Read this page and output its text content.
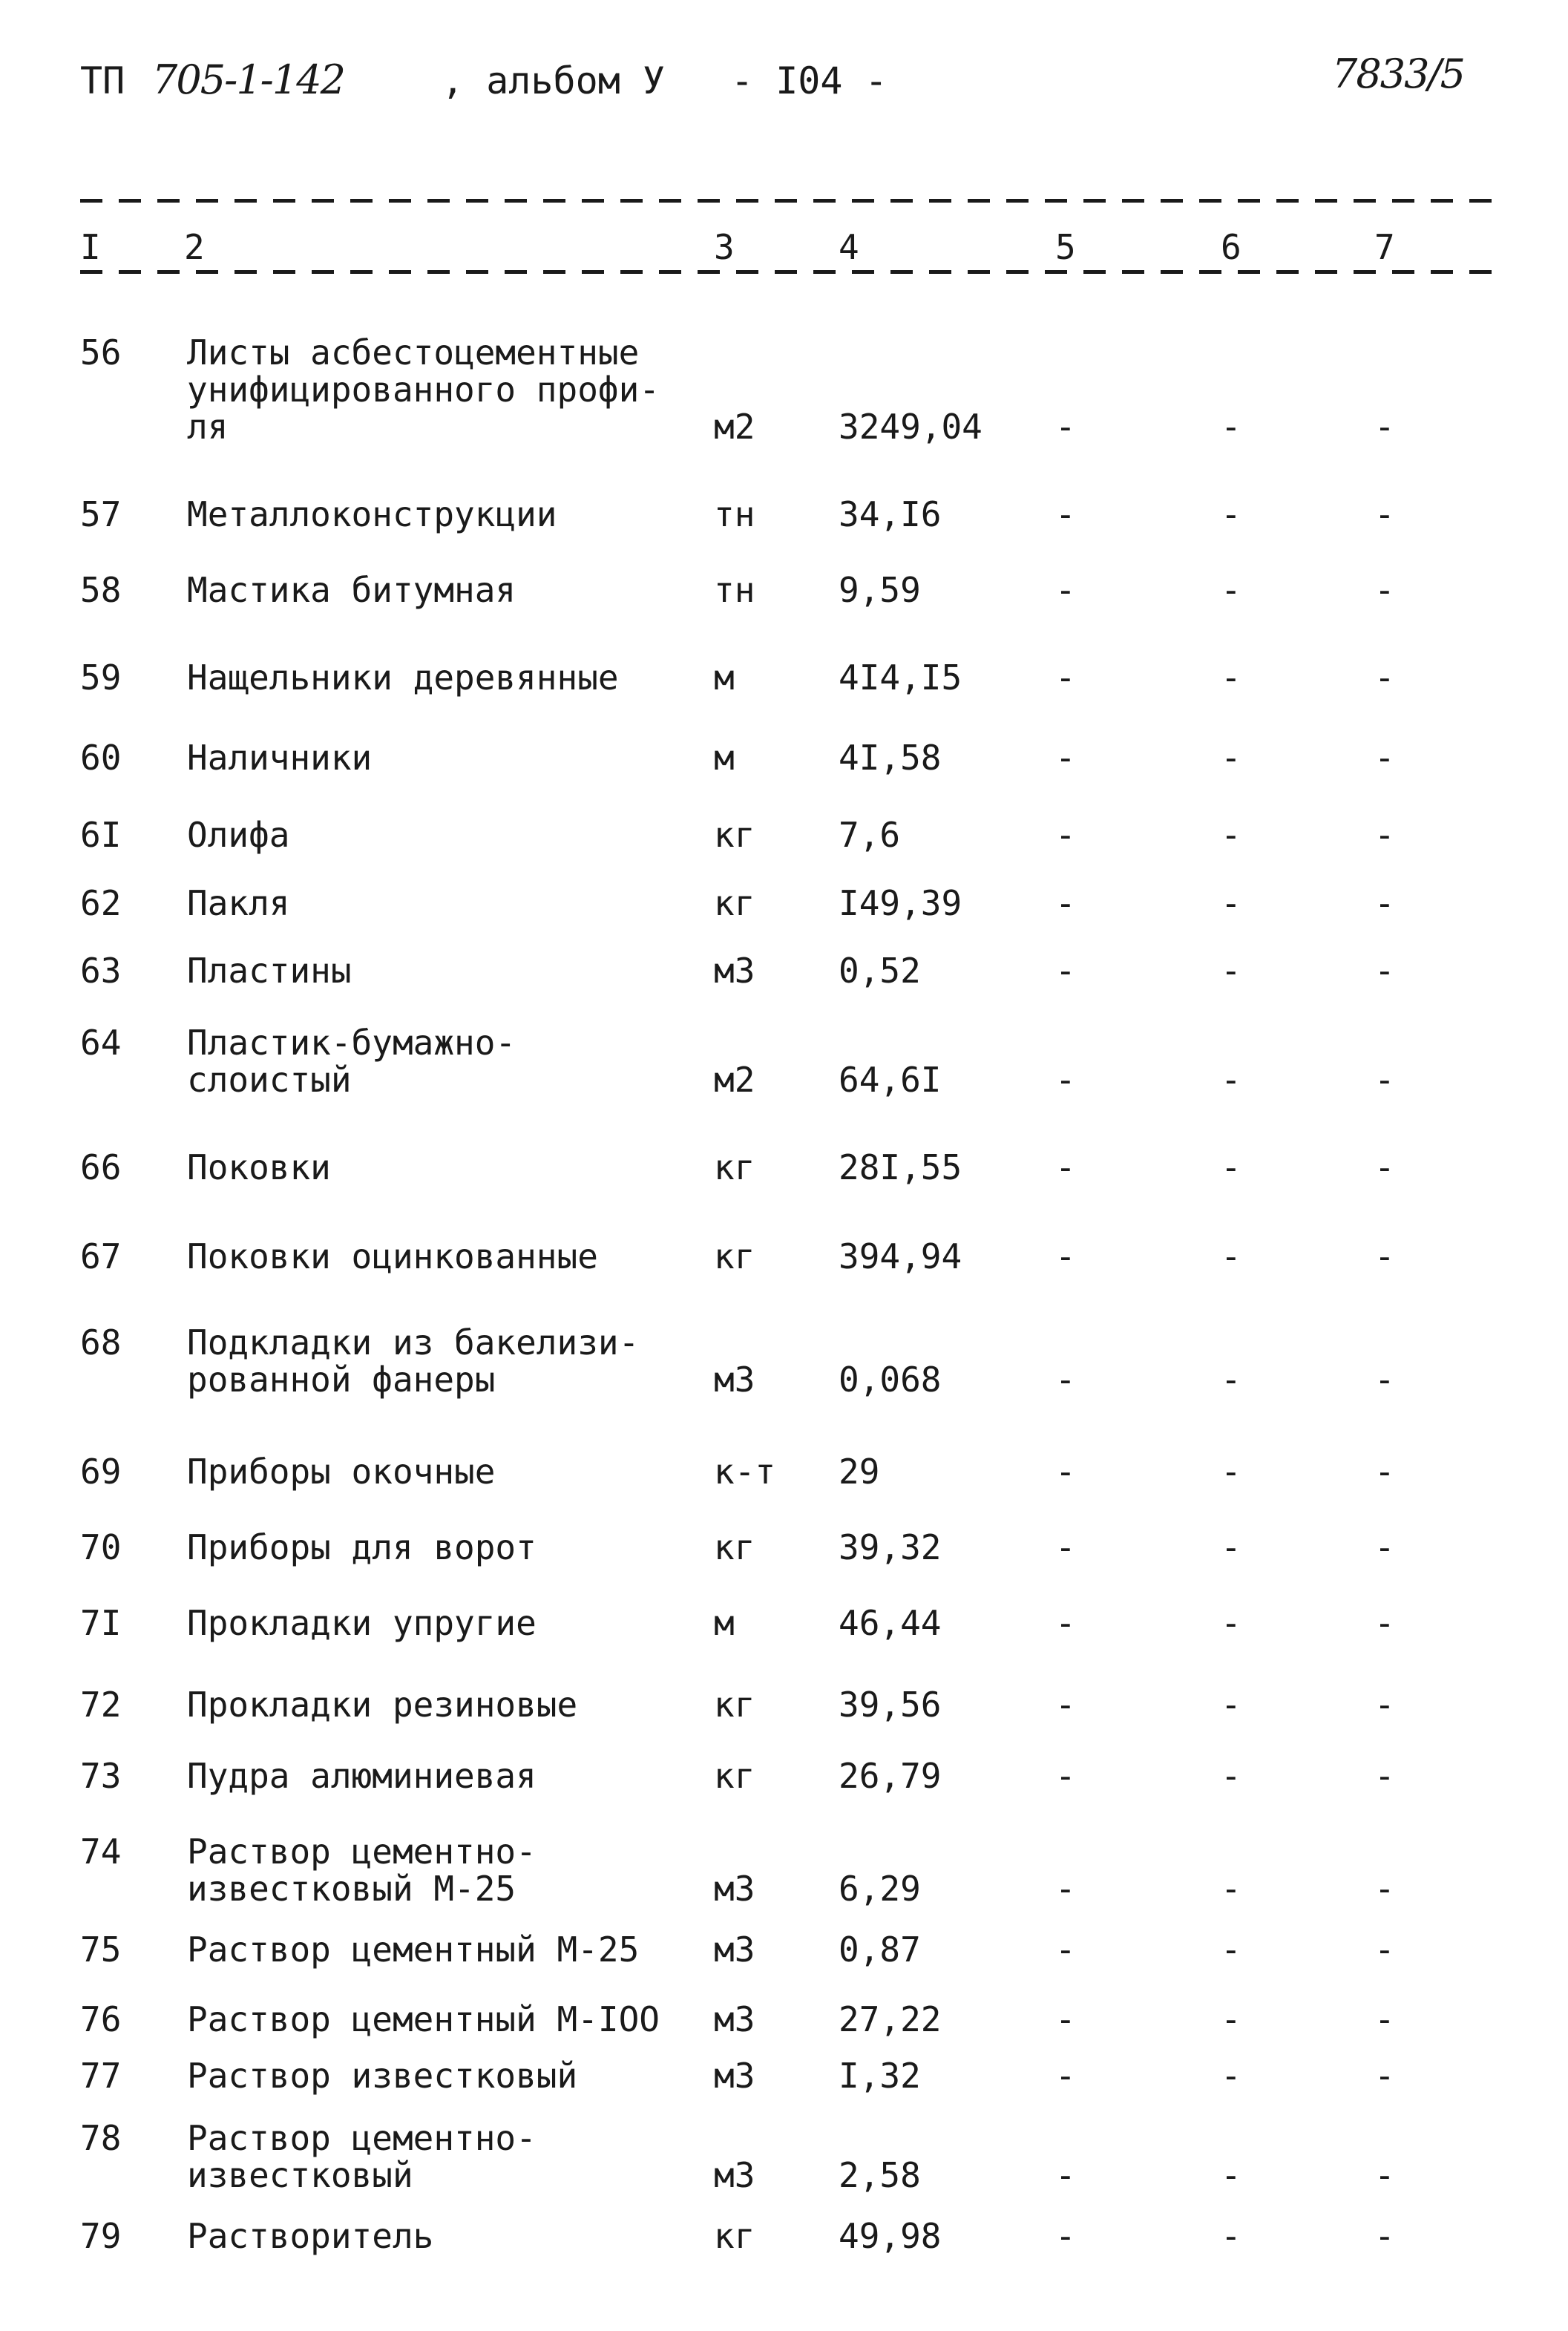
ТП 705-1-142	, альбом У - I04 -	7833/5
I 2	3	4	5	6	7
56 Листы асбестоцементные
унифицированного профи-
ля	м2 3249,04 -	-	-
57 Металлоконструкции	тн 34,I6	-	-	-
58 Мастика битумная	тн 9,59	-	-	-
59 Нащельники деревянные	м	4I4,I5	-	-	-
60 Наличники	м	4I,58	-	-	-
6I Олифа	кг 7,6	-	-	-
62 Пакля	кг I49,39	-	-	-
63 Пластины	м3 0,52	-	-	-
64 Пластик-бумажно-
слоистый	м2 64,6I	-	-	-
66 Поковки	кг 28I,55	-	-	-
67 Поковки оцинкованные	кг 394,94	-	-	-
68 Подкладки из бакелизи-
рованной фанеры	м3 0,068	-	-	-
69 Приборы окочные	к-т 29	-	-	-
70 Приборы для ворот	кг 39,32	-	-	-
7I Прокладки упругие	м	46,44	-	-	-
72 Прокладки резиновые	кг 39,56	-	-	-
73 Пудра алюминиевая	кг 26,79	-	-	-
74 Раствор цементно-
известковый М-25	м3 6,29	-	-	-
75 Раствор цементный М-25	м3 0,87	-	-	-
76 Раствор цементный М-IOO	м3 27,22	-	-	-
77 Раствор известковый	м3 I,32	-	-	-
78 Раствор цементно-
известковый	м3 2,58	-	-	-
79 Растворитель	кг 49,98	-	-	-
